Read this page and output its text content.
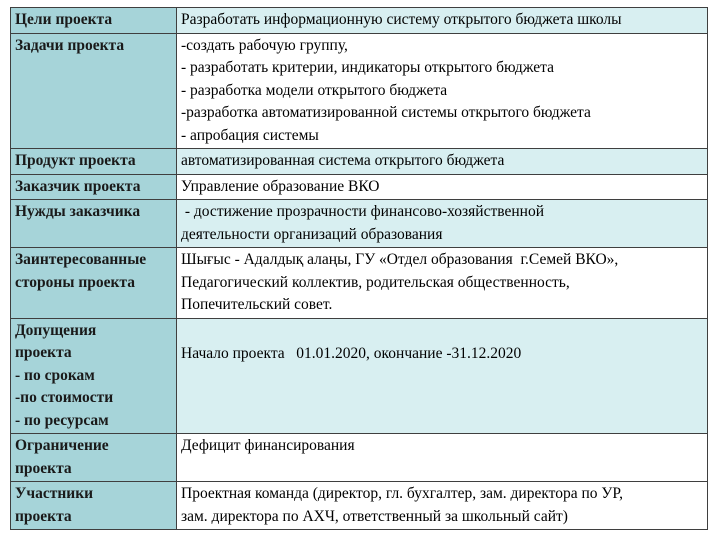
Цели проекта	Разработать информационную систему открытого бюджета школы

Задачи проекта	-создать рабочую группу,
- разработать критерии, индикаторы открытого бюджета
- разработка модели открытого бюджета
-разработка автоматизированной системы открытого бюджета
- апробация системы

Продукт проекта	автоматизированная система открытого бюджета

Заказчик проекта	Управление образование ВКО

Нужды заказчика	- достижение прозрачности финансово-хозяйственной
деятельности организаций образования

Заинтересованные
стороны проекта	Шығыс - Адалдық алаңы, ГУ «Отдел образования  г.Семей ВКО»,
Педагогический коллектив, родительская общественность,
Попечительский совет.

Допущения
проекта
- по срокам
-по стоимости
- по ресурсам	Начало проекта   01.01.2020, окончание -31.12.2020

Ограничение
проекта	Дефицит финансирования

Участники
проекта	Проектная команда (директор, гл. бухгалтер, зам. директора по УР,
зам. директора по АХЧ, ответственный за школьный сайт)
